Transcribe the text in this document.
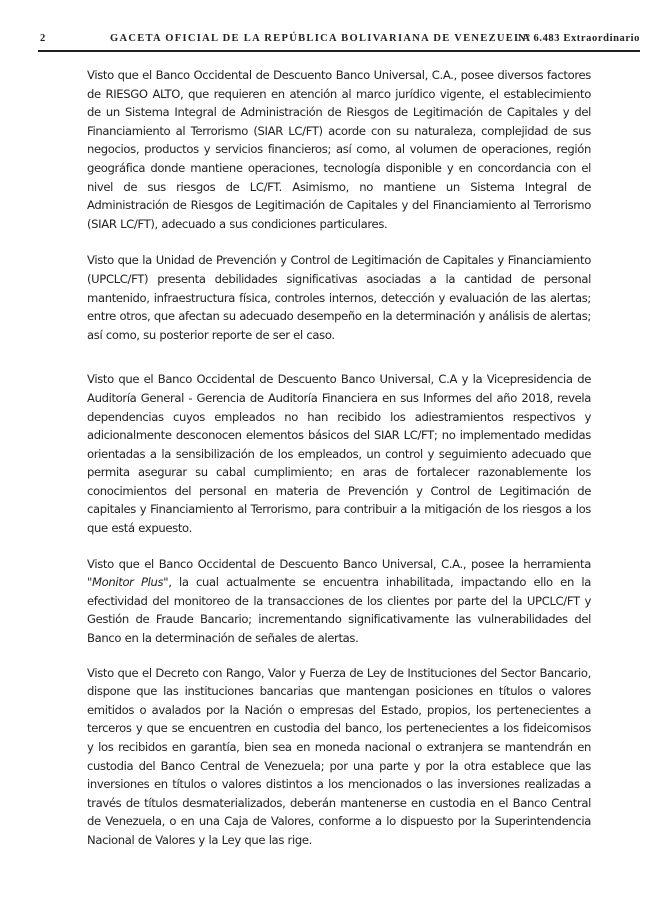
2	GACETA OFICIAL DE LA REPÚBLICA BOLIVARIANA DE VENEZUELA
Nº 6.483 Extraordinario

Visto que el Banco Occidental de Descuento Banco Universal, C.A., posee diversos factores de RIESGO ALTO, que requieren en atención al marco jurídico vigente, el establecimiento de un Sistema Integral de Administración de Riesgos de Legitimación de Capitales y del Financiamiento al Terrorismo (SIAR LC/FT) acorde con su naturaleza, complejidad de sus negocios, productos y servicios financieros; así como, al volumen de operaciones, región geográfica donde mantiene operaciones, tecnología disponible y en concordancia con el nivel de sus riesgos de LC/FT. Asimismo, no mantiene un Sistema Integral de Administración de Riesgos de Legitimación de Capitales y del Financiamiento al Terrorismo (SIAR LC/FT), adecuado a sus condiciones particulares.

Visto que la Unidad de Prevención y Control de Legitimación de Capitales y Financiamiento (UPCLC/FT) presenta debilidades significativas asociadas a la cantidad de personal mantenido, infraestructura física, controles internos, detección y evaluación de las alertas; entre otros, que afectan su adecuado desempeño en la determinación y análisis de alertas; así como, su posterior reporte de ser el caso.

Visto que el Banco Occidental de Descuento Banco Universal, C.A y la Vicepresidencia de Auditoría General - Gerencia de Auditoría Financiera en sus Informes del año 2018, revela dependencias cuyos empleados no han recibido los adiestramientos respectivos y adicionalmente desconocen elementos básicos del SIAR LC/FT; no implementado medidas orientadas a la sensibilización de los empleados, un control y seguimiento adecuado que permita asegurar su cabal cumplimiento; en aras de fortalecer razonablemente los conocimientos del personal en materia de Prevención y Control de Legitimación de capitales y Financiamiento al Terrorismo, para contribuir a la mitigación de los riesgos a los que está expuesto.

Visto que el Banco Occidental de Descuento Banco Universal, C.A., posee la herramienta "Monitor Plus", la cual actualmente se encuentra inhabilitada, impactando ello en la efectividad del monitoreo de la transacciones de los clientes por parte del la UPCLC/FT y Gestión de Fraude Bancario; incrementando significativamente las vulnerabilidades del Banco en la determinación de señales de alertas.

Visto que el Decreto con Rango, Valor y Fuerza de Ley de Instituciones del Sector Bancario, dispone que las instituciones bancarias que mantengan posiciones en títulos o valores emitidos o avalados por la Nación o empresas del Estado, propios, los pertenecientes a terceros y que se encuentren en custodia del banco, los pertenecientes a los fideicomisos y los recibidos en garantía, bien sea en moneda nacional o extranjera se mantendrán en custodia del Banco Central de Venezuela; por una parte y por la otra establece que las inversiones en títulos o valores distintos a los mencionados o las inversiones realizadas a través de títulos desmaterializados, deberán mantenerse en custodia en el Banco Central de Venezuela, o en una Caja de Valores, conforme a lo dispuesto por la Superintendencia Nacional de Valores y la Ley que las rige.
